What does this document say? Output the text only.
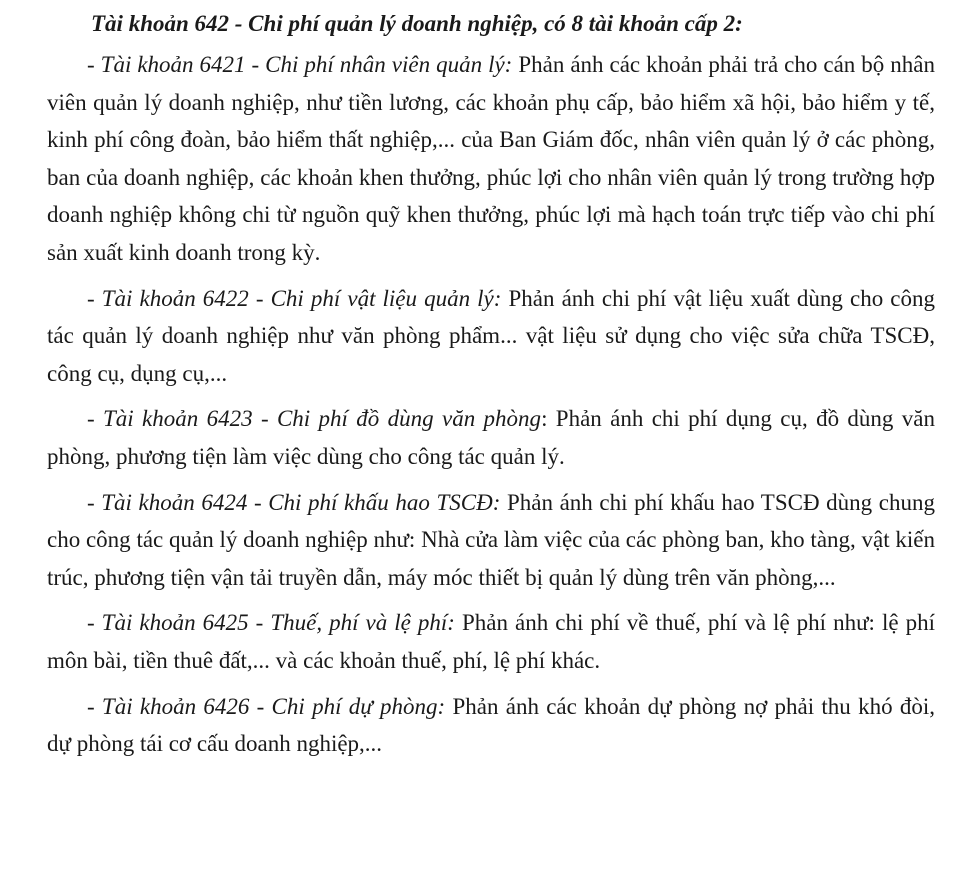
Tài khoản 642 - Chi phí quản lý doanh nghiệp, có 8 tài khoản cấp 2:

- Tài khoản 6421 - Chi phí nhân viên quản lý: Phản ánh các khoản phải trả cho cán bộ nhân viên quản lý doanh nghiệp, như tiền lương, các khoản phụ cấp, bảo hiểm xã hội, bảo hiểm y tế, kinh phí công đoàn, bảo hiểm thất nghiệp,... của Ban Giám đốc, nhân viên quản lý ở các phòng, ban của doanh nghiệp, các khoản khen thưởng, phúc lợi cho nhân viên quản lý trong trường hợp doanh nghiệp không chi từ nguồn quỹ khen thưởng, phúc lợi mà hạch toán trực tiếp vào chi phí sản xuất kinh doanh trong kỳ.

- Tài khoản 6422 - Chi phí vật liệu quản lý: Phản ánh chi phí vật liệu xuất dùng cho công tác quản lý doanh nghiệp như văn phòng phẩm... vật liệu sử dụng cho việc sửa chữa TSCĐ, công cụ, dụng cụ,...

- Tài khoản 6423 - Chi phí đồ dùng văn phòng: Phản ánh chi phí dụng cụ, đồ dùng văn phòng, phương tiện làm việc dùng cho công tác quản lý.

- Tài khoản 6424 - Chi phí khấu hao TSCĐ: Phản ánh chi phí khấu hao TSCĐ dùng chung cho công tác quản lý doanh nghiệp như: Nhà cửa làm việc của các phòng ban, kho tàng, vật kiến trúc, phương tiện vận tải truyền dẫn, máy móc thiết bị quản lý dùng trên văn phòng,...

- Tài khoản 6425 - Thuế, phí và lệ phí: Phản ánh chi phí về thuế, phí và lệ phí như: lệ phí môn bài, tiền thuê đất,... và các khoản thuế, phí, lệ phí khác.

- Tài khoản 6426 - Chi phí dự phòng: Phản ánh các khoản dự phòng nợ phải thu khó đòi, dự phòng tái cơ cấu doanh nghiệp,...
